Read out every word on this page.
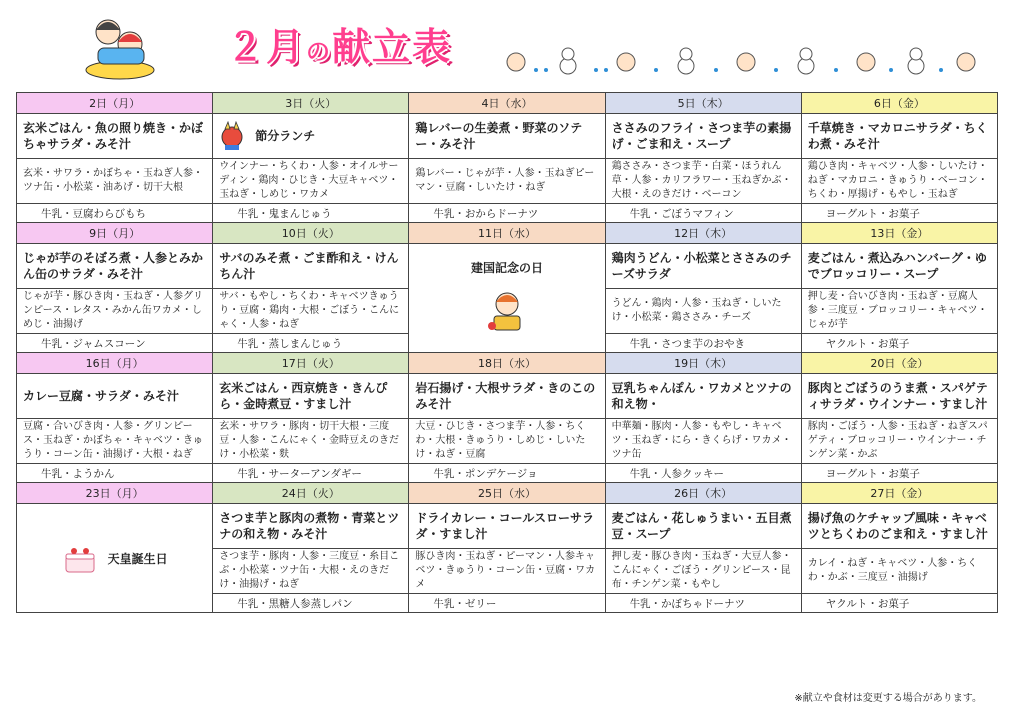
２月の献立表
2日（月）	3日（火）	4日（水）	5日（木）	6日（金）
玄米ごはん・魚の照り焼き・かぼちゃサラダ・みそ汁	節分ランチ	鶏レバーの生姜煮・野菜のソテー・みそ汁	ささみのフライ・さつま芋の素揚げ・ごま和え・スープ	千草焼き・マカロニサラダ・ちくわ煮・みそ汁
玄米・サワラ・かぼちゃ・玉ねぎ人参・ツナ缶・小松菜・油あげ・切干大根	ウインナー・ちくわ・人参・オイルサーディン・鶏肉・ひじき・大豆キャベツ・玉ねぎ・しめじ・ワカメ	鶏レバー・じゃが芋・人参・玉ねぎピーマン・豆腐・しいたけ・ねぎ	鶏ささみ・さつま芋・白菜・ほうれん草・人参・カリフラワー・玉ねぎかぶ・大根・えのきだけ・ベーコン	鶏ひき肉・キャベツ・人参・しいたけ・ねぎ・マカロニ・きゅうり・ベーコン・ちくわ・厚揚げ・もやし・玉ねぎ
牛乳・豆腐わらびもち	牛乳・鬼まんじゅう	牛乳・おからドーナツ	牛乳・ごぼうマフィン	ヨーグルト・お菓子
9日（月）	10日（火）	11日（水）	12日（木）	13日（金）
じゃが芋のそぼろ煮・人参とみかん缶のサラダ・みそ汁	サバのみそ煮・ごま酢和え・けんちん汁	建国記念の日	鶏肉うどん・小松菜とささみのチーズサラダ	麦ごはん・煮込みハンバーグ・ゆでブロッコリー・スープ
じゃが芋・豚ひき肉・玉ねぎ・人参グリンピース・レタス・みかん缶ワカメ・しめじ・油揚げ	サバ・もやし・ちくわ・キャベツきゅうり・豆腐・鶏肉・大根・ごぼう・こんにゃく・人参・ねぎ		うどん・鶏肉・人参・玉ねぎ・しいたけ・小松菜・鶏ささみ・チーズ	押し麦・合いびき肉・玉ねぎ・豆腐人参・三度豆・ブロッコリー・キャベツ・じゃが芋
牛乳・ジャムスコーン	牛乳・蒸しまんじゅう		牛乳・さつま芋のおやき	ヤクルト・お菓子
16日（月）	17日（火）	18日（水）	19日（木）	20日（金）
カレー豆腐・サラダ・みそ汁	玄米ごはん・西京焼き・きんぴら・金時煮豆・すまし汁	岩石揚げ・大根サラダ・きのこのみそ汁	豆乳ちゃんぽん・ワカメとツナの和え物・	豚肉とごぼうのうま煮・スパゲティサラダ・ウインナー・すまし汁
豆腐・合いびき肉・人参・グリンピース・玉ねぎ・かぼちゃ・キャベツ・きゅうり・コーン缶・油揚げ・大根・ねぎ	玄米・サワラ・豚肉・切干大根・三度豆・人参・こんにゃく・金時豆えのきだけ・小松菜・麩	大豆・ひじき・さつま芋・人参・ちくわ・大根・きゅうり・しめじ・しいたけ・ねぎ・豆腐	中華麺・豚肉・人参・もやし・キャベツ・玉ねぎ・にら・きくらげ・ワカメ・ツナ缶	豚肉・ごぼう・人参・玉ねぎ・ねぎスパゲティ・ブロッコリー・ウインナー・チンゲン菜・かぶ
牛乳・ようかん	牛乳・サーターアンダギー	牛乳・ポンデケージョ	牛乳・人参クッキー	ヨーグルト・お菓子
23日（月）	24日（火）	25日（水）	26日（木）	27日（金）

天皇誕生日	さつま芋と豚肉の煮物・青菜とツナの和え物・みそ汁	ドライカレー・コールスローサラダ・すまし汁	麦ごはん・花しゅうまい・五目煮豆・スープ	揚げ魚のケチャップ風味・キャベツとちくわのごま和え・すまし汁
	さつま芋・豚肉・人参・三度豆・糸目こぶ・小松菜・ツナ缶・大根・えのきだけ・油揚げ・ねぎ	豚ひき肉・玉ねぎ・ピーマン・人参キャベツ・きゅうり・コーン缶・豆腐・ワカメ	押し麦・豚ひき肉・玉ねぎ・大豆人参・こんにゃく・ごぼう・グリンピース・昆布・チンゲン菜・もやし	カレイ・ねぎ・キャベツ・人参・ちくわ・かぶ・三度豆・油揚げ
	牛乳・黒糖人参蒸しパン	牛乳・ゼリー	牛乳・かぼちゃドーナツ	ヤクルト・お菓子
※献立や食材は変更する場合があります。
